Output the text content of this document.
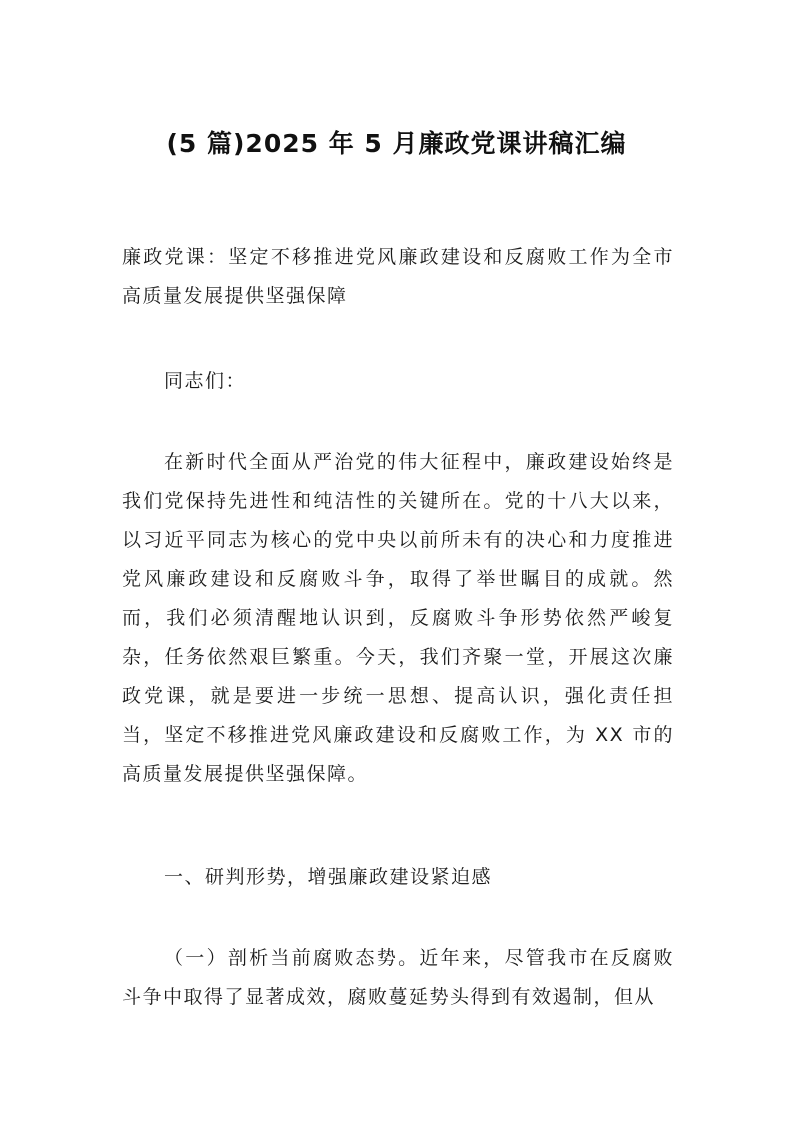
(5 篇)2025 年 5 月廉政党课讲稿汇编

廉政党课：坚定不移推进党风廉政建设和反腐败工作为全市高质量发展提供坚强保障

同志们：

在新时代全面从严治党的伟大征程中，廉政建设始终是我们党保持先进性和纯洁性的关键所在。党的十八大以来，以习近平同志为核心的党中央以前所未有的决心和力度推进党风廉政建设和反腐败斗争，取得了举世瞩目的成就。然而，我们必须清醒地认识到，反腐败斗争形势依然严峻复杂，任务依然艰巨繁重。今天，我们齐聚一堂，开展这次廉政党课，就是要进一步统一思想、提高认识，强化责任担当，坚定不移推进党风廉政建设和反腐败工作，为 XX 市的高质量发展提供坚强保障。

一、研判形势，增强廉政建设紧迫感

（一）剖析当前腐败态势。近年来，尽管我市在反腐败斗争中取得了显著成效，腐败蔓延势头得到有效遏制，但从
